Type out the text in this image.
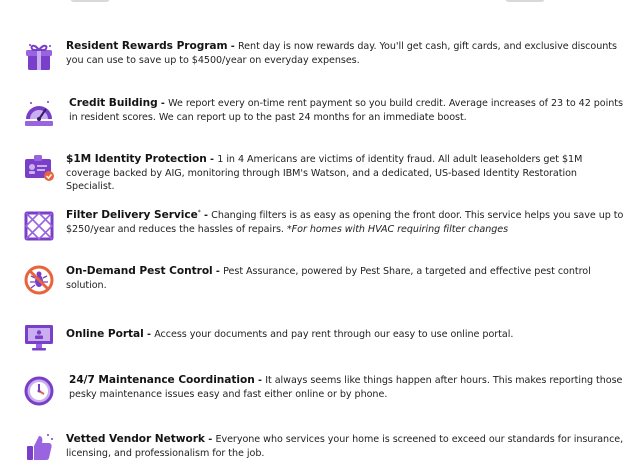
Resident Rewards Program - Rent day is now rewards day. You'll get cash, gift cards, and exclusive discounts you can use to save up to $4500/year on everyday expenses.
Credit Building - We report every on-time rent payment so you build credit. Average increases of 23 to 42 points in resident scores. We can report up to the past 24 months for an immediate boost.
$1M Identity Protection - 1 in 4 Americans are victims of identity fraud. All adult leaseholders get $1M coverage backed by AIG, monitoring through IBM's Watson, and a dedicated, US-based Identity Restoration Specialist.
Filter Delivery Service* - Changing filters is as easy as opening the front door. This service helps you save up to $250/year and reduces the hassles of repairs. *For homes with HVAC requiring filter changes
On-Demand Pest Control - Pest Assurance, powered by Pest Share, a targeted and effective pest control solution.
Online Portal - Access your documents and pay rent through our easy to use online portal.
24/7 Maintenance Coordination - It always seems like things happen after hours. This makes reporting those pesky maintenance issues easy and fast either online or by phone.
Vetted Vendor Network - Everyone who services your home is screened to exceed our standards for insurance, licensing, and professionalism for the job.
